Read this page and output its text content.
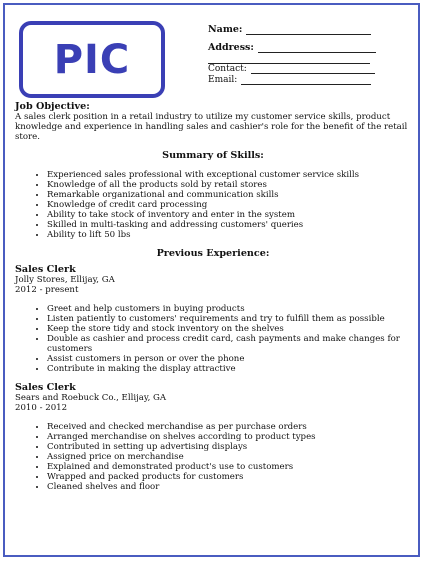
PIC
Name:
Address:
Contact:
Email:

Job Objective:

A sales clerk position in a retail industry to utilize my customer service skills, product knowledge and experience in handling sales and cashier's role for the benefit of the retail store.

Summary of Skills:

• Experienced sales professional with exceptional customer service skills
• Knowledge of all the products sold by retail stores
• Remarkable organizational and communication skills
• Knowledge of credit card processing
• Ability to take stock of inventory and enter in the system
• Skilled in multi-tasking and addressing customers' queries
• Ability to lift 50 lbs

Previous Experience:

Sales Clerk

Jolly Stores, Ellijay, GA

2012 - present

• Greet and help customers in buying products
• Listen patiently to customers' requirements and try to fulfill them as possible
• Keep the store tidy and stock inventory on the shelves
• Double as cashier and process credit card, cash payments and make changes for customers
• Assist customers in person or over the phone
• Contribute in making the display attractive

Sales Clerk

Sears and Roebuck Co., Ellijay, GA

2010 - 2012

• Received and checked merchandise as per purchase orders
• Arranged merchandise on shelves according to product types
• Contributed in setting up advertising displays
• Assigned price on merchandise
• Explained and demonstrated product's use to customers
• Wrapped and packed products for customers
• Cleaned shelves and floor
